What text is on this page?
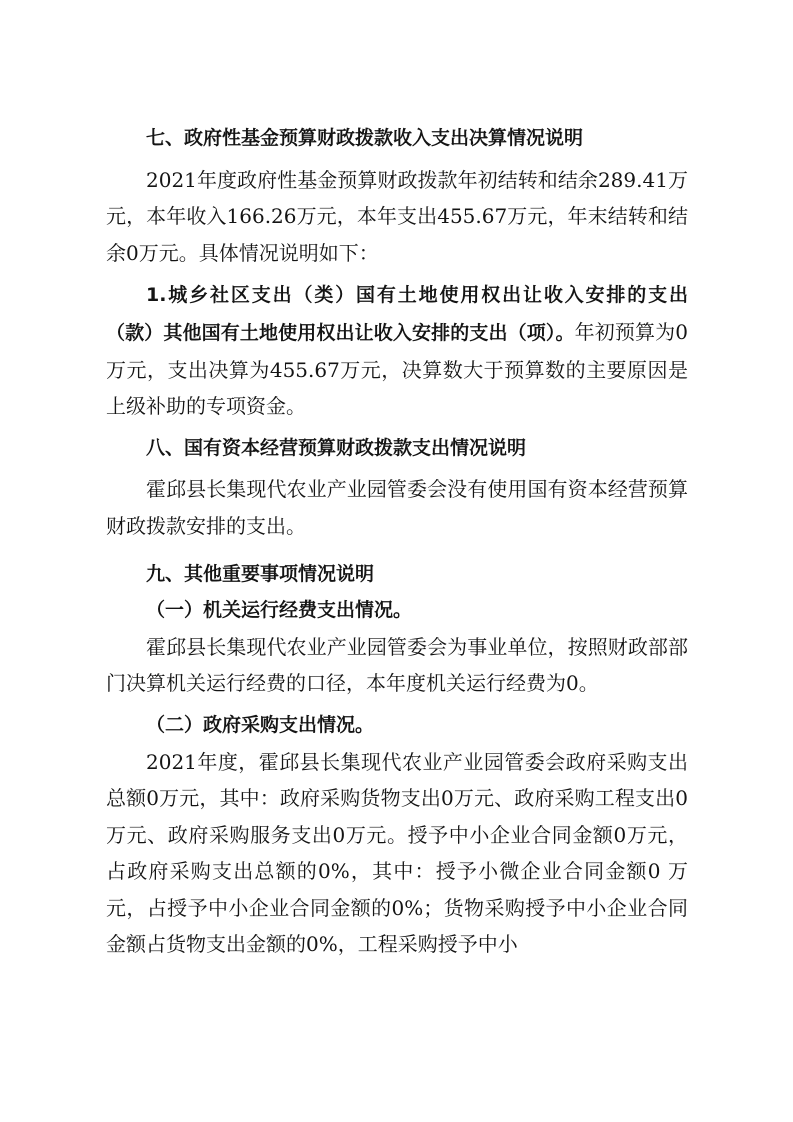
七、政府性基金预算财政拨款收入支出决算情况说明

2021年度政府性基金预算财政拨款年初结转和结余289.41万元，本年收入166.26万元，本年支出455.67万元，年末结转和结余0万元。具体情况说明如下：

1.城乡社区支出（类）国有土地使用权出让收入安排的支出（款）其他国有土地使用权出让收入安排的支出（项）。年初预算为0万元，支出决算为455.67万元，决算数大于预算数的主要原因是上级补助的专项资金。

八、国有资本经营预算财政拨款支出情况说明

霍邱县长集现代农业产业园管委会没有使用国有资本经营预算财政拨款安排的支出。

九、其他重要事项情况说明

（一）机关运行经费支出情况。

霍邱县长集现代农业产业园管委会为事业单位，按照财政部部门决算机关运行经费的口径，本年度机关运行经费为0。

（二）政府采购支出情况。

2021年度，霍邱县长集现代农业产业园管委会政府采购支出总额0万元，其中：政府采购货物支出0万元、政府采购工程支出0万元、政府采购服务支出0万元。授予中小企业合同金额0万元，占政府采购支出总额的0%，其中：授予小微企业合同金额0 万元，占授予中小企业合同金额的0%；货物采购授予中小企业合同金额占货物支出金额的0%，工程采购授予中小
